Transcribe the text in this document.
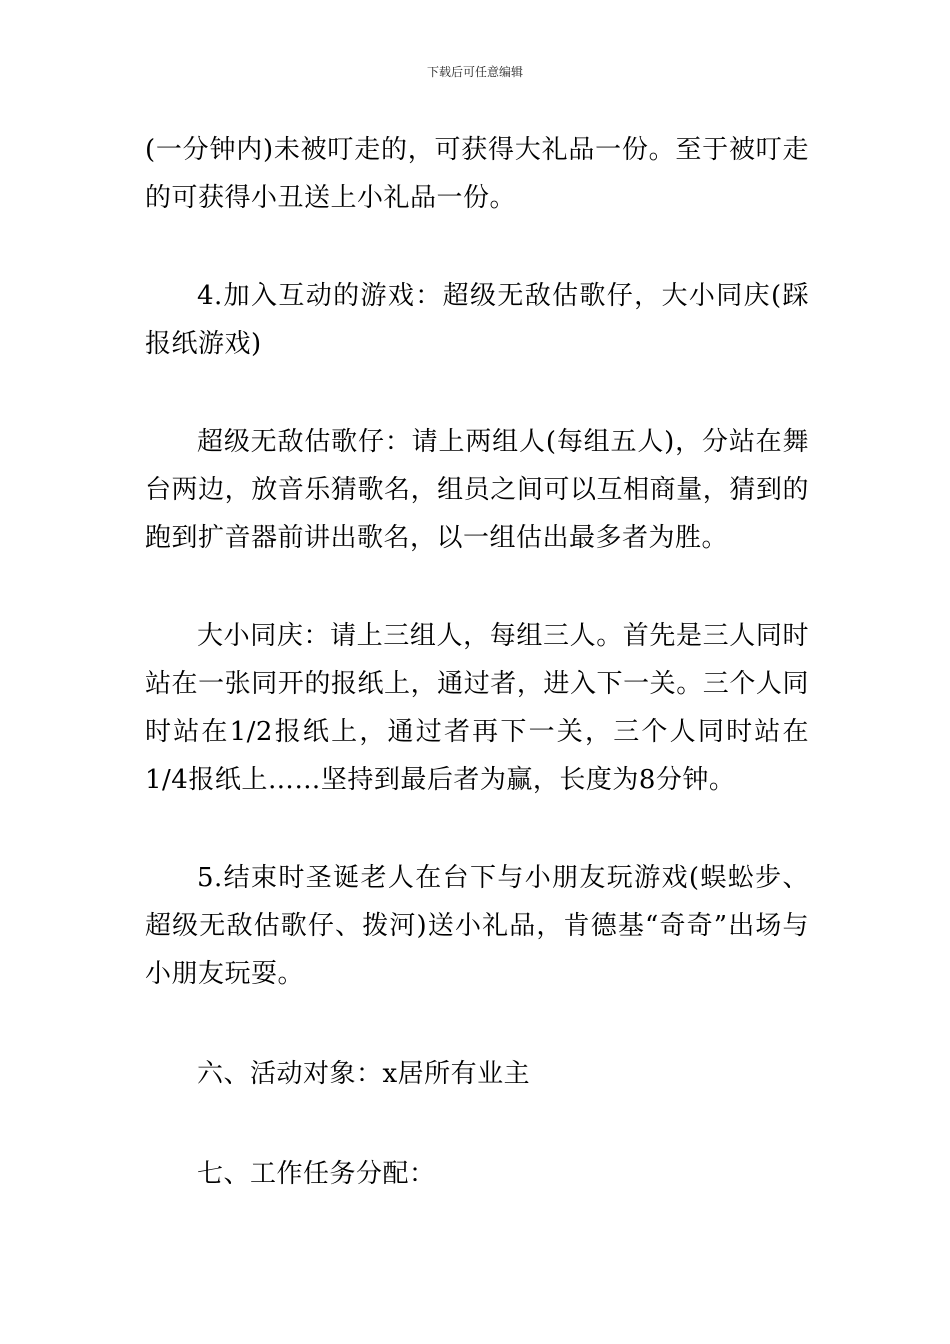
下载后可任意编辑

(一分钟内)未被叮走的，可获得大礼品一份。至于被叮走的可获得小丑送上小礼品一份。

4.加入互动的游戏：超级无敌估歌仔，大小同庆(踩报纸游戏)

超级无敌估歌仔：请上两组人(每组五人)，分站在舞台两边，放音乐猜歌名，组员之间可以互相商量，猜到的跑到扩音器前讲出歌名，以一组估出最多者为胜。

大小同庆：请上三组人，每组三人。首先是三人同时站在一张同开的报纸上，通过者，进入下一关。三个人同时站在1/2报纸上，通过者再下一关，三个人同时站在1/4报纸上……坚持到最后者为赢，长度为8分钟。

5.结束时圣诞老人在台下与小朋友玩游戏(蜈蚣步、超级无敌估歌仔、拨河)送小礼品，肯德基“奇奇”出场与小朋友玩耍。

六、活动对象：x居所有业主

七、工作任务分配：
